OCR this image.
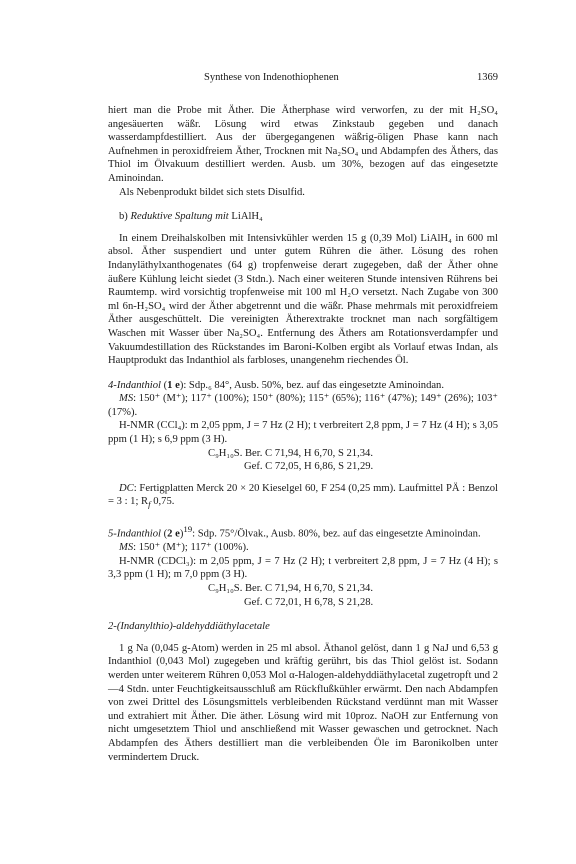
Synthese von Indenothiophenen	1369

hiert man die Probe mit Äther. Die Ätherphase wird verworfen, zu der mit H₂SO₄ angesäuerten wäßr. Lösung wird etwas Zinkstaub gegeben und danach wasserdampfdestilliert. Aus der übergegangenen wäßrig-öligen Phase kann nach Aufnehmen in peroxidfreiem Äther, Trocknen mit Na₂SO₄ und Abdampfen des Äthers, das Thiol im Ölvakuum destilliert werden. Ausb. um 30%, bezogen auf das eingesetzte Aminoindan.

Als Nebenprodukt bildet sich stets Disulfid.

b) Reduktive Spaltung mit LiAlH₄

In einem Dreihalskolben mit Intensivkühler werden 15 g (0,39 Mol) LiAlH₄ in 600 ml absol. Äther suspendiert und unter gutem Rühren die äther. Lösung des rohen Indanyläthylxanthogenates (64 g) tropfenweise derart zugegeben, daß der Äther ohne äußere Kühlung leicht siedet (3 Stdn.). Nach einer weiteren Stunde intensiven Rührens bei Raumtemp. wird vorsichtig tropfenweise mit 100 ml H₂O versetzt. Nach Zugabe von 300 ml 6n-H₂SO₄ wird der Äther abgetrennt und die wäßr. Phase mehrmals mit peroxidfreiem Äther ausgeschüttelt. Die vereinigten Ätherextrakte trocknet man nach sorgfältigem Waschen mit Wasser über Na₂SO₄. Entfernung des Äthers am Rotationsverdampfer und Vakuumdestillation des Rückstandes im Baroni-Kolben ergibt als Vorlauf etwas Indan, als Hauptprodukt das Indanthiol als farbloses, unangenehm riechendes Öl.

4-Indanthiol (1 e): Sdp.₆ 84°, Ausb. 50%, bez. auf das eingesetzte Aminoindan.

MS: 150⁺ (M⁺); 117⁺ (100%); 150⁺ (80%); 115⁺ (65%); 116⁺ (47%); 149⁺ (26%); 103⁺ (17%).

H-NMR (CCl₄): m 2,05 ppm, J = 7 Hz (2 H); t verbreitert 2,8 ppm, J = 7 Hz (4 H); s 3,05 ppm (1 H); s 6,9 ppm (3 H).

C₉H₁₀S. Ber. C 71,94, H 6,70, S 21,34.

Gef. C 72,05, H 6,86, S 21,29.

DC: Fertigplatten Merck 20 × 20 Kieselgel 60, F 254 (0,25 mm). Laufmittel PÄ : Benzol = 3 : 1; $R_f$ 0,75.

5-Indanthiol (2 e)$^{19}$: Sdp. 75°/Ölvak., Ausb. 80%, bez. auf das eingesetzte Aminoindan.

MS: 150⁺ (M⁺); 117⁺ (100%).

H-NMR (CDCl₃): m 2,05 ppm, J = 7 Hz (2 H); t verbreitert 2,8 ppm, J = 7 Hz (4 H); s 3,3 ppm (1 H); m 7,0 ppm (3 H).

C₉H₁₀S. Ber. C 71,94, H 6,70, S 21,34.

Gef. C 72,01, H 6,78, S 21,28.

2-(Indanylthio)-aldehyddiäthylacetale

1 g Na (0,045 g-Atom) werden in 25 ml absol. Äthanol gelöst, dann 1 g NaJ und 6,53 g Indanthiol (0,043 Mol) zugegeben und kräftig gerührt, bis das Thiol gelöst ist. Sodann werden unter weiterem Rühren 0,053 Mol α-Halogen-aldehyddiäthylacetal zugetropft und 2—4 Stdn. unter Feuchtigkeitsausschluß am Rückflußkühler erwärmt. Den nach Abdampfen von zwei Drittel des Lösungsmittels verbleibenden Rückstand verdünnt man mit Wasser und extrahiert mit Äther. Die äther. Lösung wird mit 10proz. NaOH zur Entfernung von nicht umgesetztem Thiol und anschließend mit Wasser gewaschen und getrocknet. Nach Abdampfen des Äthers destilliert man die verbleibenden Öle im Baronikolben unter vermindertem Druck.
